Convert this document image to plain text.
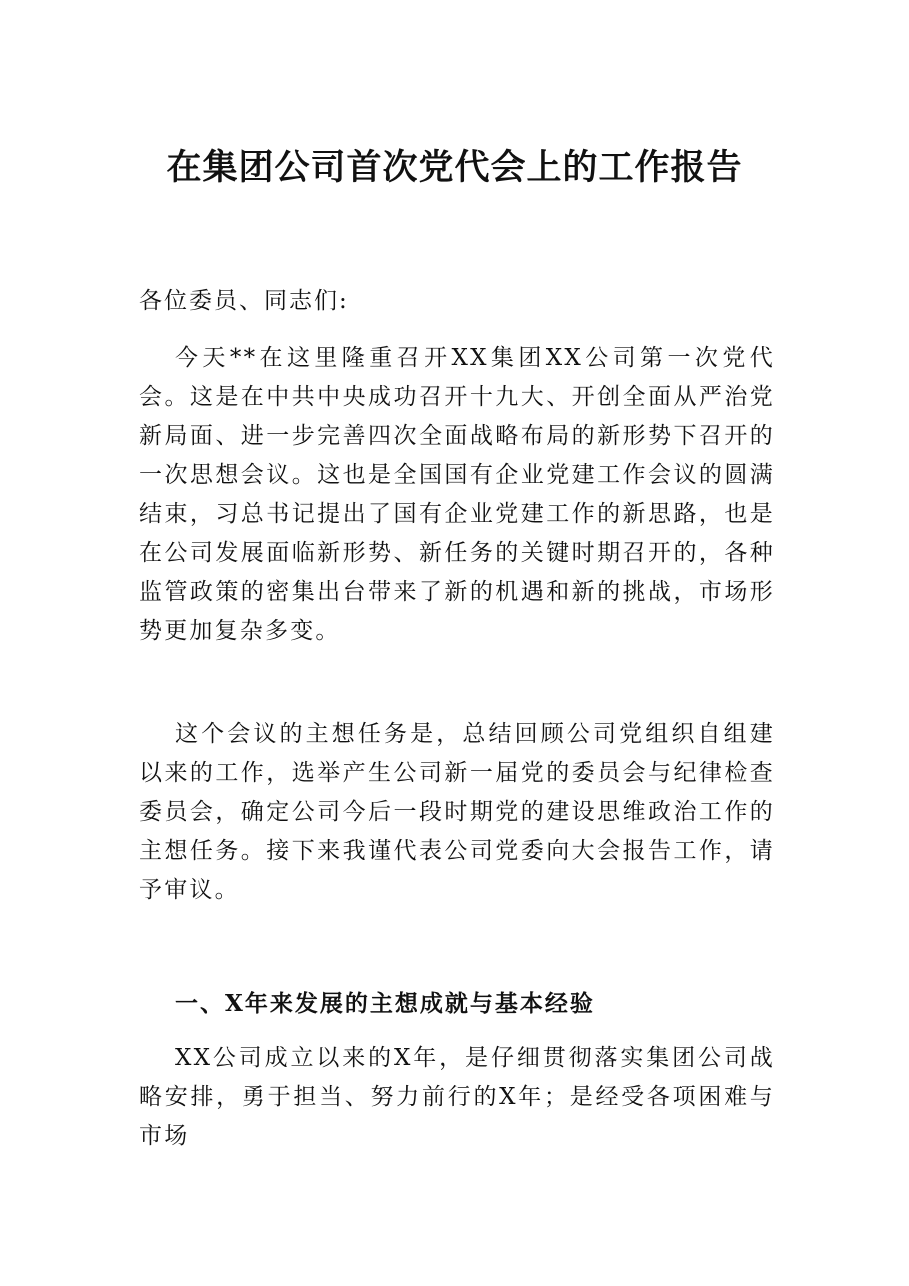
在集团公司首次党代会上的工作报告
各位委员、同志们:

今天**在这里隆重召开XX集团XX公司第一次党代会。这是在中共中央成功召开十九大、开创全面从严治党新局面、进一步完善四次全面战略布局的新形势下召开的一次思想会议。这也是全国国有企业党建工作会议的圆满结束，习总书记提出了国有企业党建工作的新思路，也是在公司发展面临新形势、新任务的关键时期召开的，各种监管政策的密集出台带来了新的机遇和新的挑战，市场形势更加复杂多变。

这个会议的主想任务是，总结回顾公司党组织自组建以来的工作，选举产生公司新一届党的委员会与纪律检查委员会，确定公司今后一段时期党的建设思维政治工作的主想任务。接下来我谨代表公司党委向大会报告工作，请予审议。

一、X年来发展的主想成就与基本经验

XX公司成立以来的X年，是仔细贯彻落实集团公司战略安排，勇于担当、努力前行的X年；是经受各项困难与市场
